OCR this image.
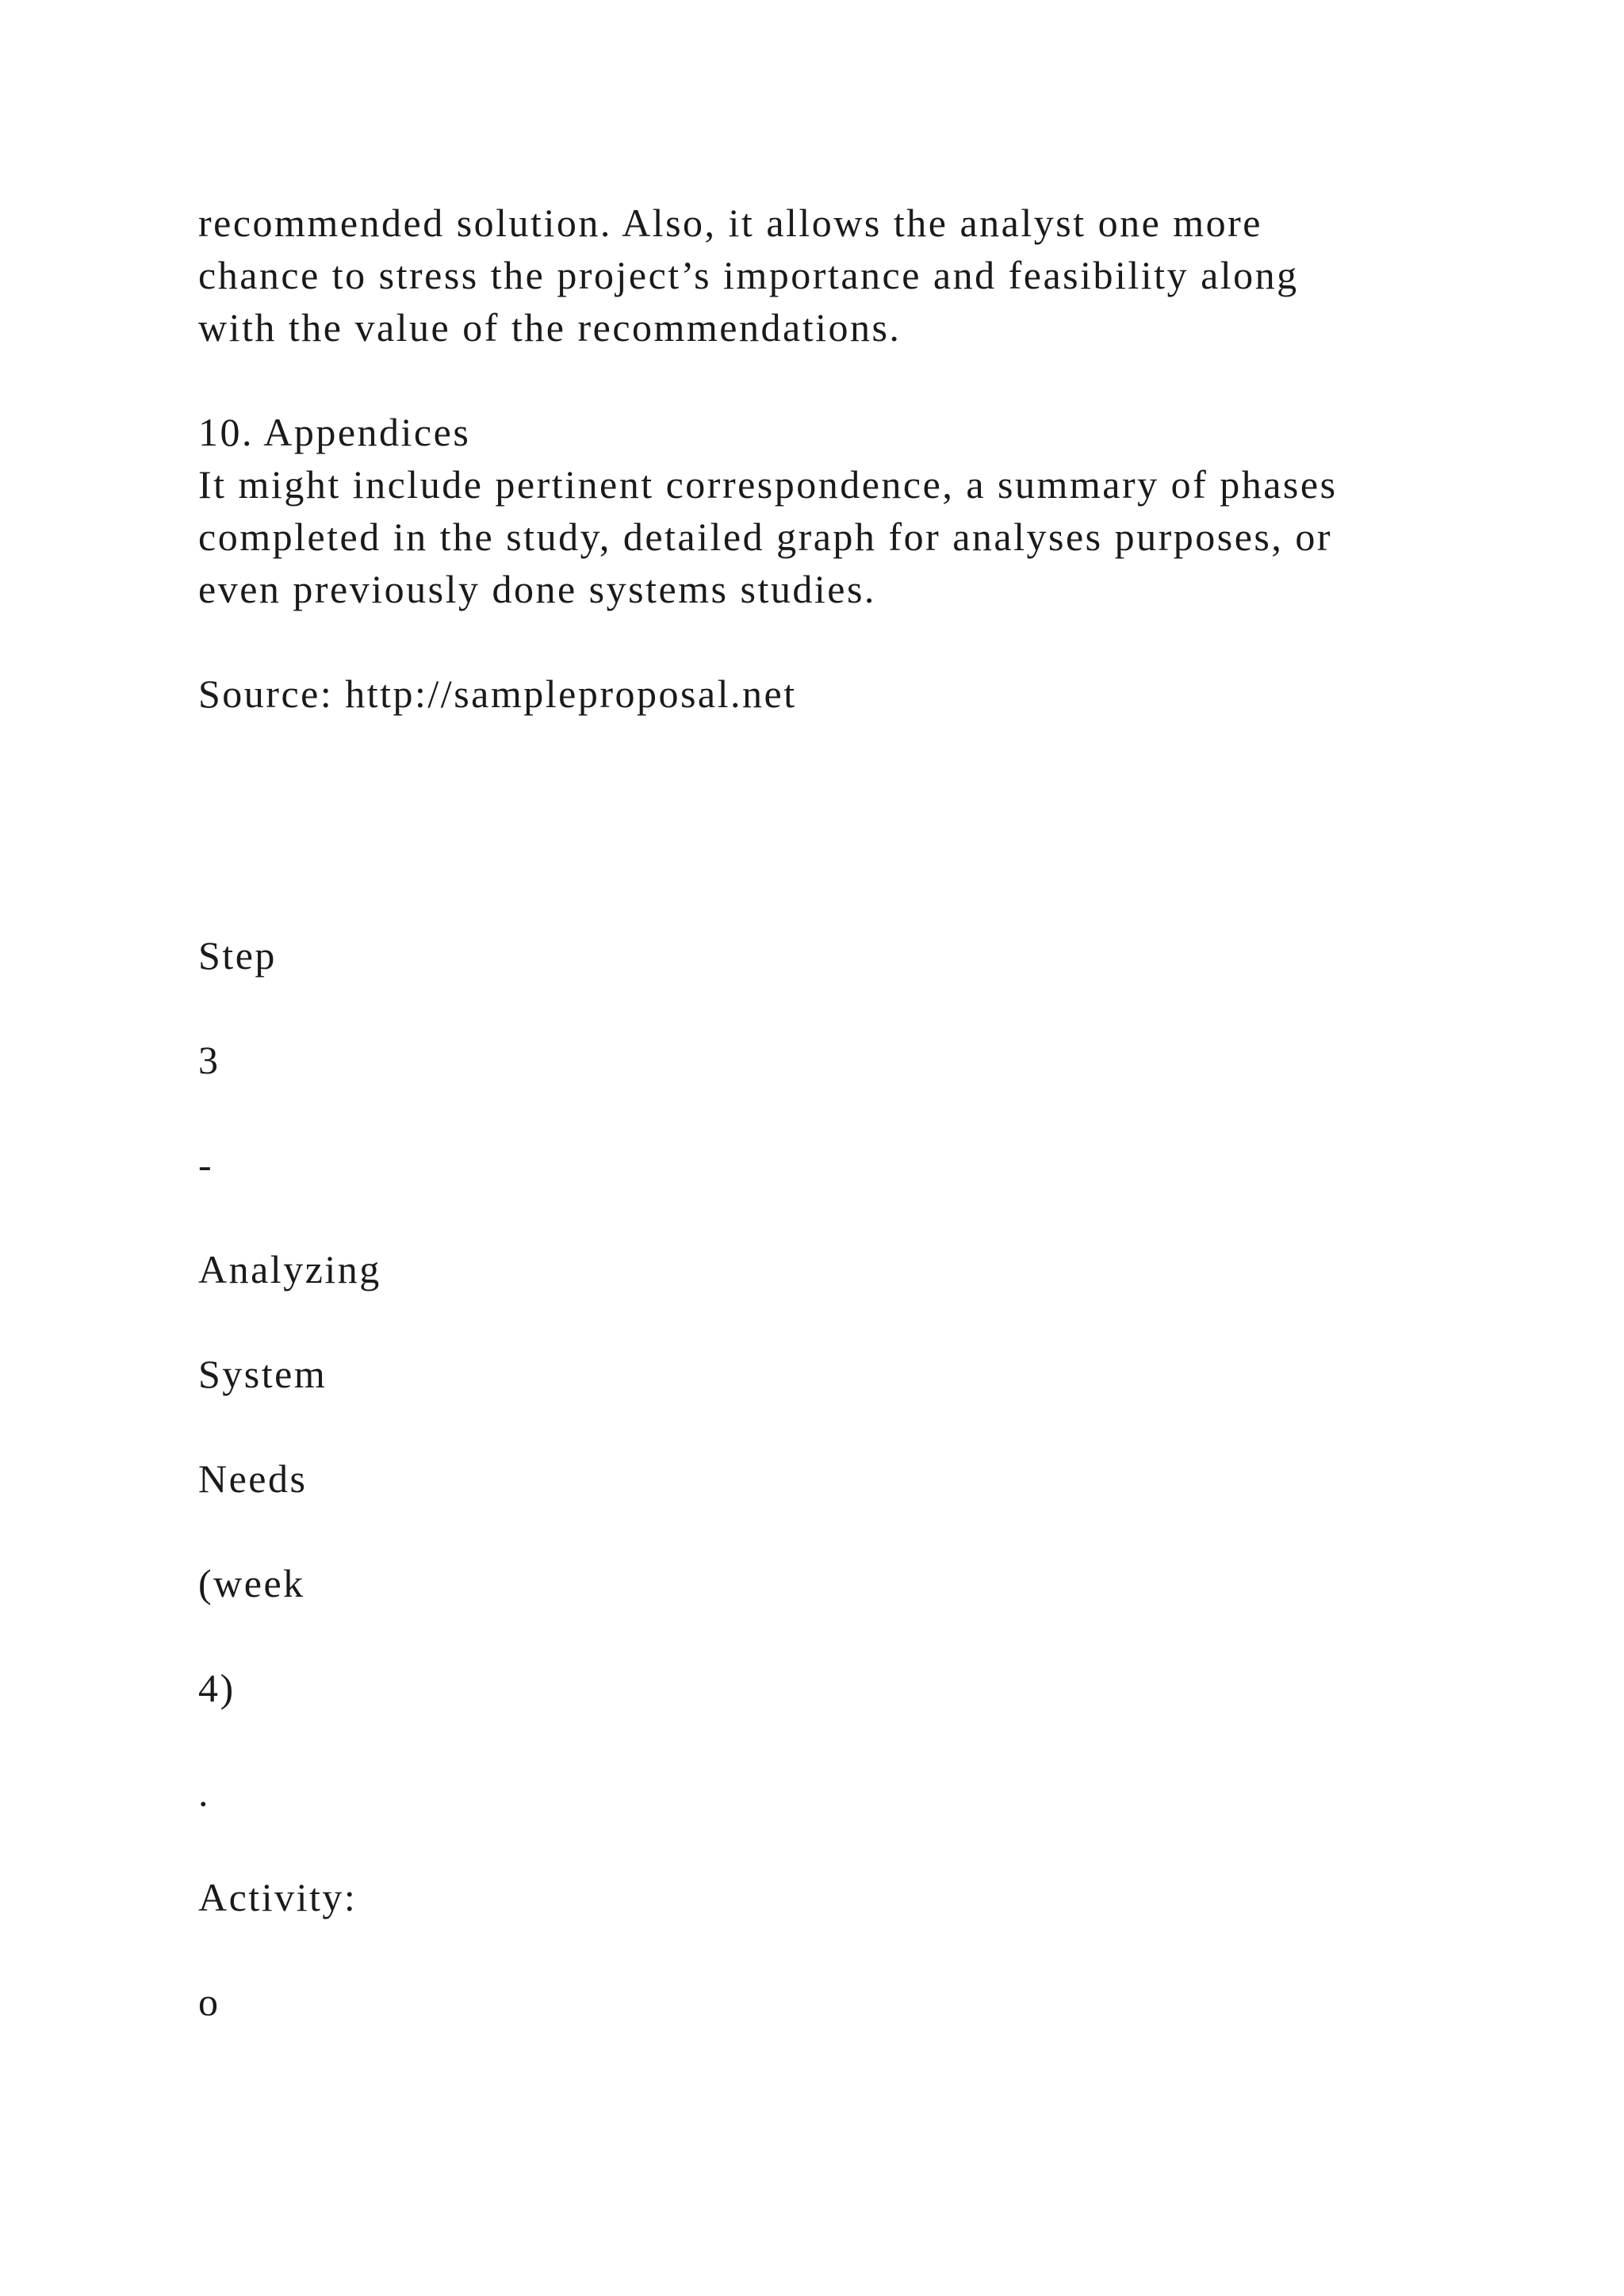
recommended solution. Also, it allows the analyst one more

chance to stress the project’s importance and feasibility along

with the value of the recommendations.

10. Appendices

It might include pertinent correspondence, a summary of phases

completed in the study, detailed graph for analyses purposes, or

even previously done systems studies.

Source: http://sampleproposal.net

Step

3

-

Analyzing

System

Needs

(week

4)

.

Activity:

o
